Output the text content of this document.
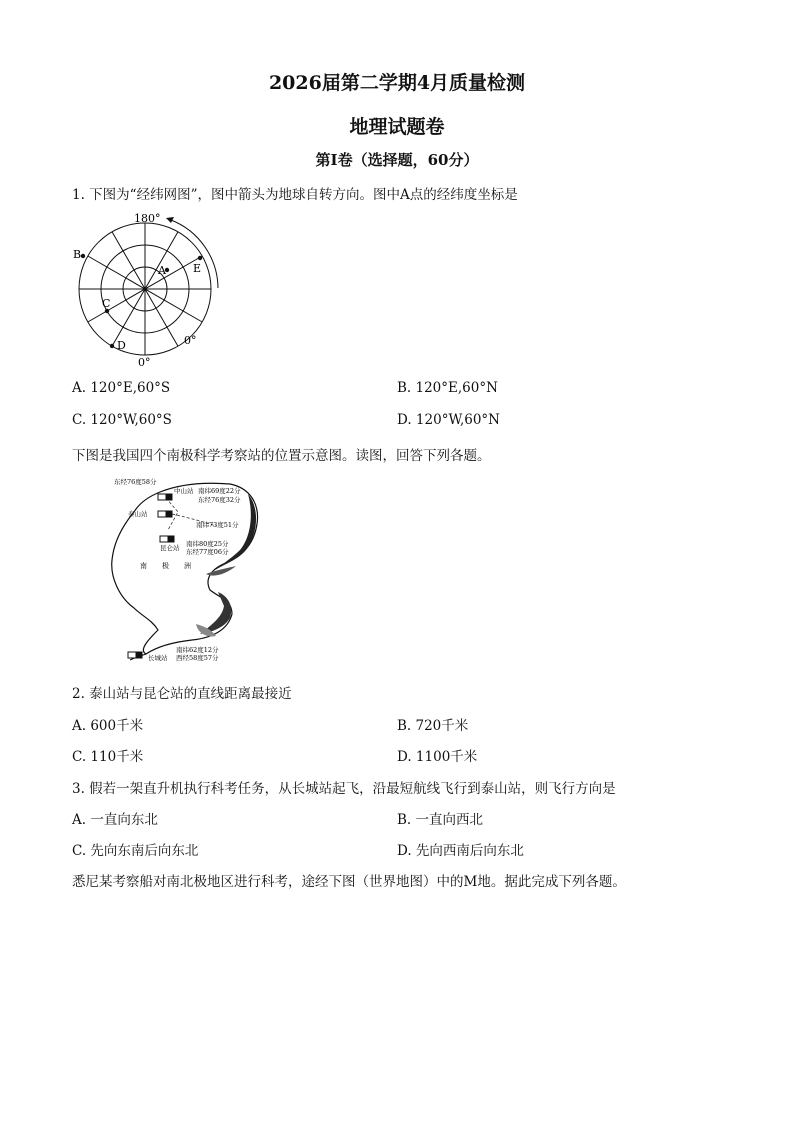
2026届第二学期4月质量检测
地理试题卷
第Ⅰ卷（选择题，60分）
1. 下图为“经纬网图”，图中箭头为地球自转方向。图中A点的经纬度坐标是
180°
0°
0°
A
B
C
D
E
A. 120°E,60°S	B. 120°E,60°N
C. 120°W,60°S	D. 120°W,60°N
下图是我国四个南极科学考察站的位置示意图。读图，回答下列各题。
东经76度58分
中山站 南纬69度22分
东经76度32分
泰山站
南纬73度51分
昆仑站 南纬80度25分
东经77度06分
南 极 洲
南纬62度12分
长城站 西经58度57分
2. 泰山站与昆仑站的直线距离最接近
A. 600千米	B. 720千米
C. 110千米	D. 1100千米
3. 假若一架直升机执行科考任务，从长城站起飞，沿最短航线飞行到泰山站，则飞行方向是
A. 一直向东北	B. 一直向西北
C. 先向东南后向东北	D. 先向西南后向东北
悉尼某考察船对南北极地区进行科考，途经下图（世界地图）中的M地。据此完成下列各题。
